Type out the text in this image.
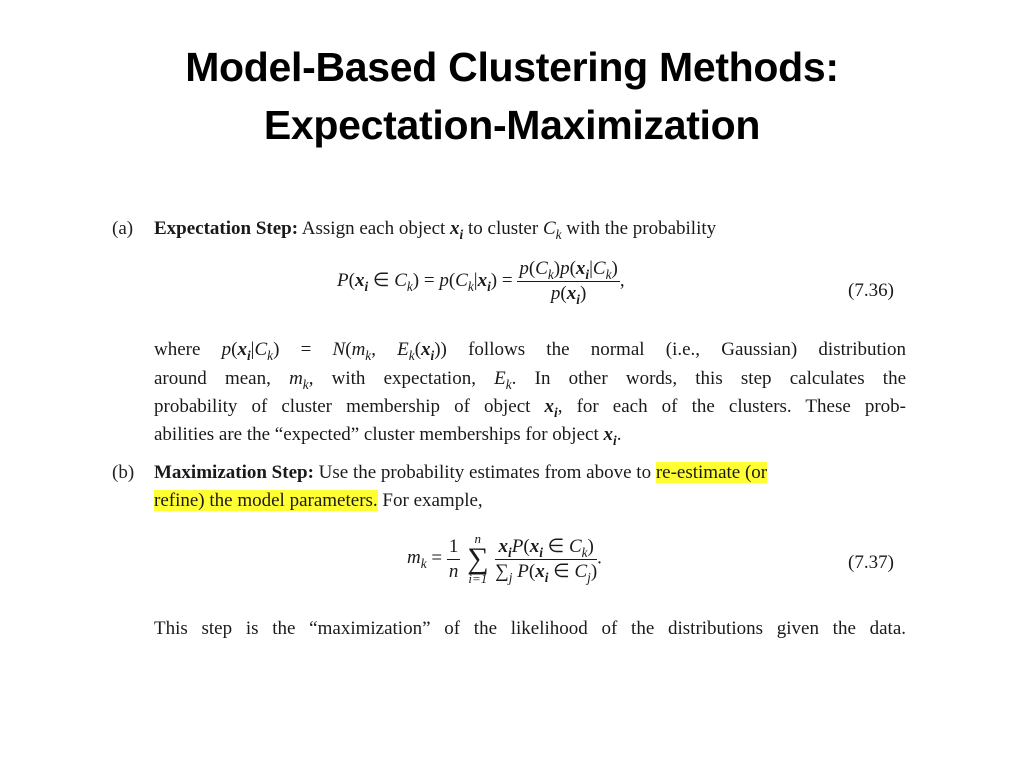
Model-Based Clustering Methods:
Expectation-Maximization
(a) Expectation Step: Assign each object $x_i$ to cluster $C_k$ with the probability
$P(x_i$ ∈ $C_k) = p(C_k|x_i) = \frac{p(C_k)p(x_i|C_k)}{p(x_i)}$ ,	(7.36)
where $p(x_i|C_k) = N(m_k$, $E_k(x_i)$) follows the normal (i.e., Gaussian) distribution
around mean, $m_k$, with expectation, $E_k$. In other words, this step calculates the
probability of cluster membership of object $x_i$, for each of the clusters. These prob-
abilities are the “expected” cluster memberships for object $x_i$.
(b) Maximization Step: Use the probability estimates from above to re-estimate (or
refine) the model parameters. For example,
$m_k = \frac{1}{n}$
	n
∑
i=1
$\frac{x_iP(x_i \in C_k)}{\sum_j P(x_i \in C_j)}$ .	(7.37)
This step is the “maximization” of the likelihood of the distributions given the data.
